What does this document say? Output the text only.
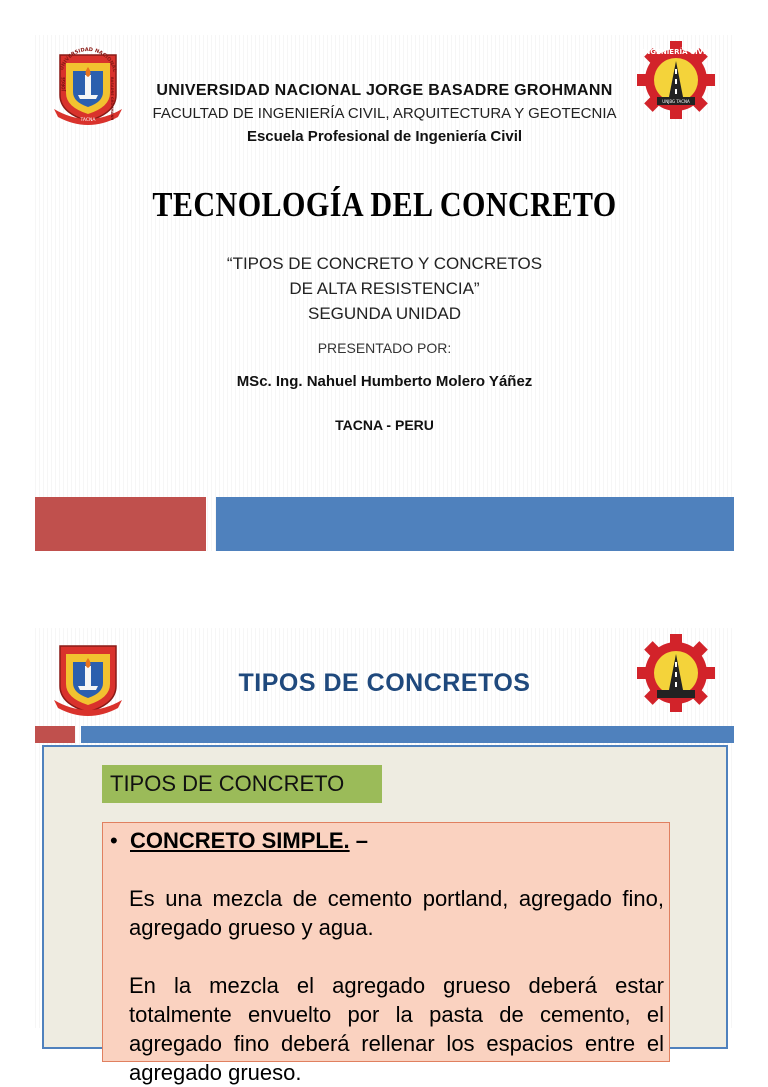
UNIVERSIDAD NACIONAL
JORGE	BASADRE GROHMANN
TACNA
INGENIERÍA CIVIL
UNJBG TACNA
UNIVERSIDAD NACIONAL JORGE BASADRE GROHMANN
FACULTAD DE INGENIERÍA CIVIL, ARQUITECTURA Y GEOTECNIA
Escuela Profesional de Ingeniería Civil
TECNOLOGÍA DEL CONCRETO
“TIPOS DE CONCRETO Y CONCRETOS
DE ALTA RESISTENCIA”
SEGUNDA UNIDAD
PRESENTADO POR:
MSc. Ing. Nahuel Humberto Molero Yáñez
TACNA - PERU
TIPOS DE CONCRETOS
TIPOS DE CONCRETO
• CONCRETO SIMPLE. –
Es una mezcla de cemento portland, agregado fino, agregado grueso y agua.
En la mezcla el agregado grueso deberá estar totalmente envuelto por la pasta de cemento, el agregado fino deberá rellenar los espacios entre el agregado grueso.
